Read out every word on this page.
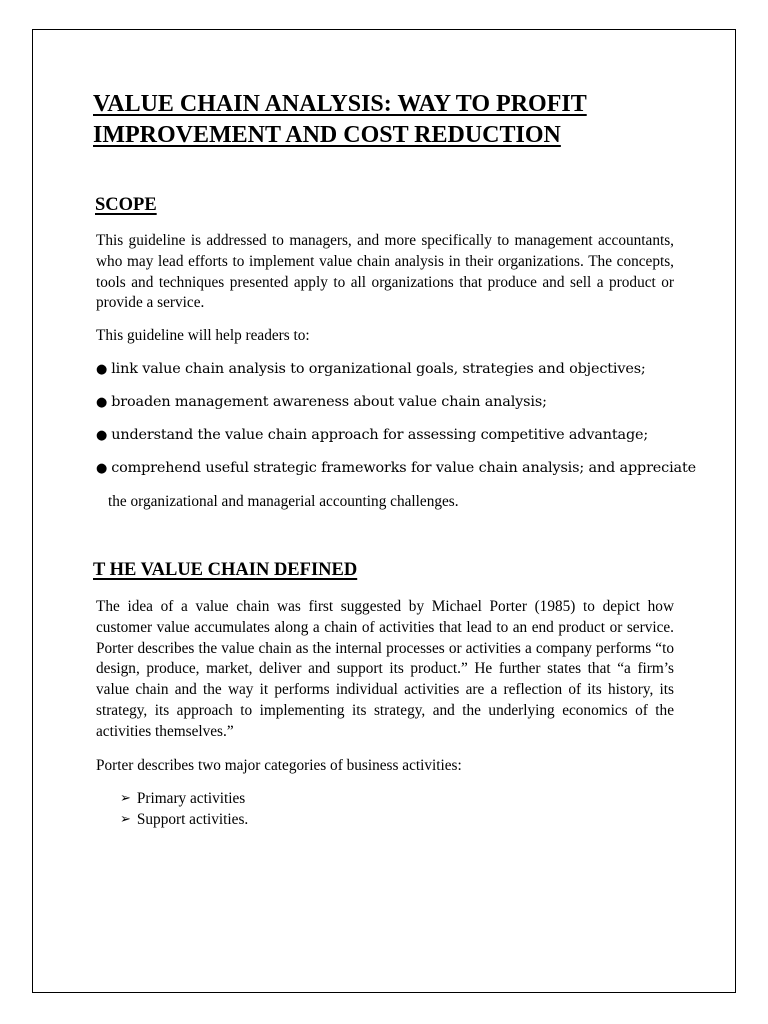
VALUE CHAIN ANALYSIS: WAY TO PROFIT
IMPROVEMENT AND COST REDUCTION
SCOPE

This guideline is addressed to managers, and more specifically to management accountants, who may lead efforts to implement value chain analysis in their organizations. The concepts, tools and techniques presented apply to all organizations that produce and sell a product or provide a service.

This guideline will help readers to:

● link value chain analysis to organizational goals, strategies and objectives;

● broaden management awareness about value chain analysis;

● understand the value chain approach for assessing competitive advantage;

● comprehend useful strategic frameworks for value chain analysis; and appreciate

the organizational and managerial accounting challenges.

T HE VALUE CHAIN DEFINED

The idea of a value chain was first suggested by Michael Porter (1985) to depict how customer value accumulates along a chain of activities that lead to an end product or service. Porter describes the value chain as the internal processes or activities a company performs “to design, produce, market, deliver and support its product.” He further states that “a firm’s value chain and the way it performs individual activities are a reflection of its history, its strategy, its approach to implementing its strategy, and the underlying economics of the activities themselves.”

Porter describes two major categories of business activities:

➢ Primary activities

➢ Support activities.
